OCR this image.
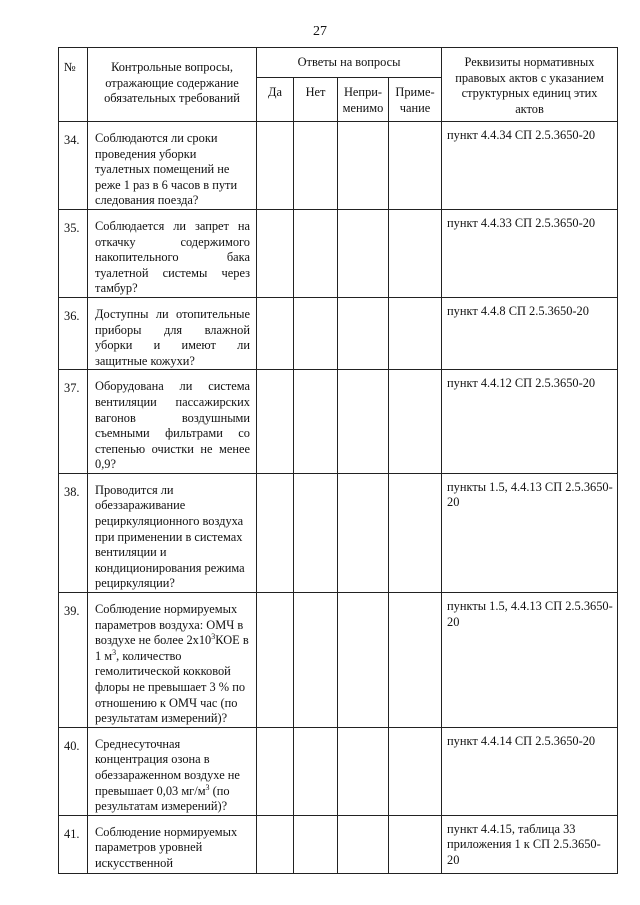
27
№	Контрольные вопросы, отражающие содержание обязательных требований	Ответы на вопросы				Реквизиты нормативных правовых актов с указанием структурных единиц этих актов
		Да	Нет	Непри-менимо	Приме-чание	
34.	Соблюдаются ли сроки проведения уборки туалетных помещений не реже 1 раз в 6 часов в пути следования поезда?					пункт 4.4.34 СП 2.5.3650-20
35.	Соблюдается ли запрет на откачку содержимого накопительного бака туалетной системы через тамбур?					пункт 4.4.33 СП 2.5.3650-20
36.	Доступны ли отопительные приборы для влажной уборки и имеют ли защитные кожухи?					пункт 4.4.8 СП 2.5.3650-20
37.	Оборудована ли система вентиляции пассажирских вагонов воздушными съемными фильтрами со степенью очистки не менее 0,9?					пункт 4.4.12 СП 2.5.3650-20
38.	Проводится ли обеззараживание рециркуляционного воздуха при применении в системах вентиляции и кондиционирования режима рециркуляции?					пункты 1.5, 4.4.13 СП 2.5.3650-20
39.	Соблюдение нормируемых параметров воздуха: ОМЧ в воздухе не более $2х10^3КОЕ$ в 1 $м^3$, количество гемолитической кокковой флоры не превышает 3 % по отношению к ОМЧ час (по результатам измерений)?					пункты 1.5, 4.4.13 СП 2.5.3650-20
40.	Среднесуточная концентрация озона в обеззараженном воздухе не превышает 0,03 $мг/м^3$ (по результатам измерений)?					пункт 4.4.14 СП 2.5.3650-20
41.	Соблюдение нормируемых параметров уровней искусственной					пункт 4.4.15, таблица 33 приложения 1 к СП 2.5.3650-20
